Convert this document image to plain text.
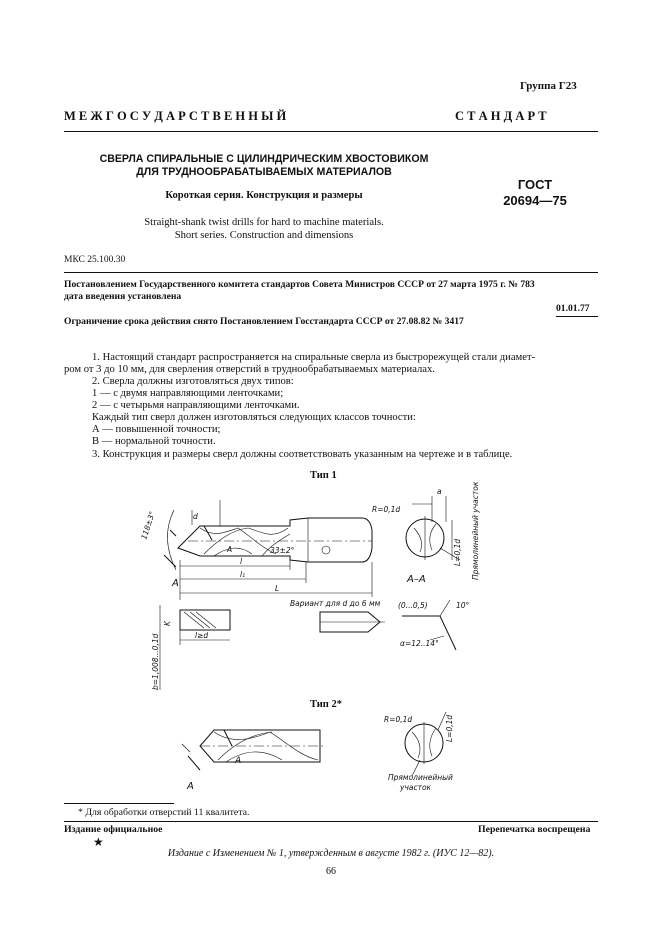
Группа Г23
М Е Ж Г О С У Д А Р С Т В Е Н Н Ы Й	С Т А Н Д А Р Т
СВЕРЛА СПИРАЛЬНЫЕ С ЦИЛИНДРИЧЕСКИМ ХВОСТОВИКОМ
ДЛЯ ТРУДНООБРАБАТЫВАЕМЫХ МАТЕРИАЛОВ
Короткая серия. Конструкция и размеры
Straight-shank twist drills for hard to machine materials.
Short series. Construction and dimensions
ГОСТ
20694—75
МКС 25.100.30
Постановлением Государственного комитета стандартов Совета Министров СССР от 27 марта 1975 г. № 783
дата введения установлена
01.01.77
Ограничение срока действия снято Постановлением Госстандарта СССР от 27.08.82 № 3417
1. Настоящий стандарт распространяется на спиральные сверла из быстрорежущей стали диамет-
ром от 3 до 10 мм, для сверления отверстий в труднообрабатываемых материалах.
2. Сверла должны изготовляться двух типов:
1 — с двумя направляющими ленточками;
2 — с четырьмя направляющими ленточками.
Каждый тип сверл должен изготовляться следующих классов точности:
А — повышенной точности;
В — нормальной точности.
3. Конструкция и размеры сверл должны соответствовать указанным на чертеже и в таблице.
Тип 1
118±3°	d
A
A
33±2°
l
l₁
L
R=0,1d
a
А–А
L=0,1d Прямолинейный участок
K
l≥d
b=1,008...0,1d
Вариант для d до 6 мм (0...0,5)	10°
α=12..14°
Тип 2*
A
A
R=0,1d	L=0,1d
Прямолинейный
участок
* Для обработки отверстий 11 квалитета.
Издание официальное	Перепечатка воспрещена
★
Издание с Изменением № 1, утвержденным в августе 1982 г. (ИУС 12—82).
66
